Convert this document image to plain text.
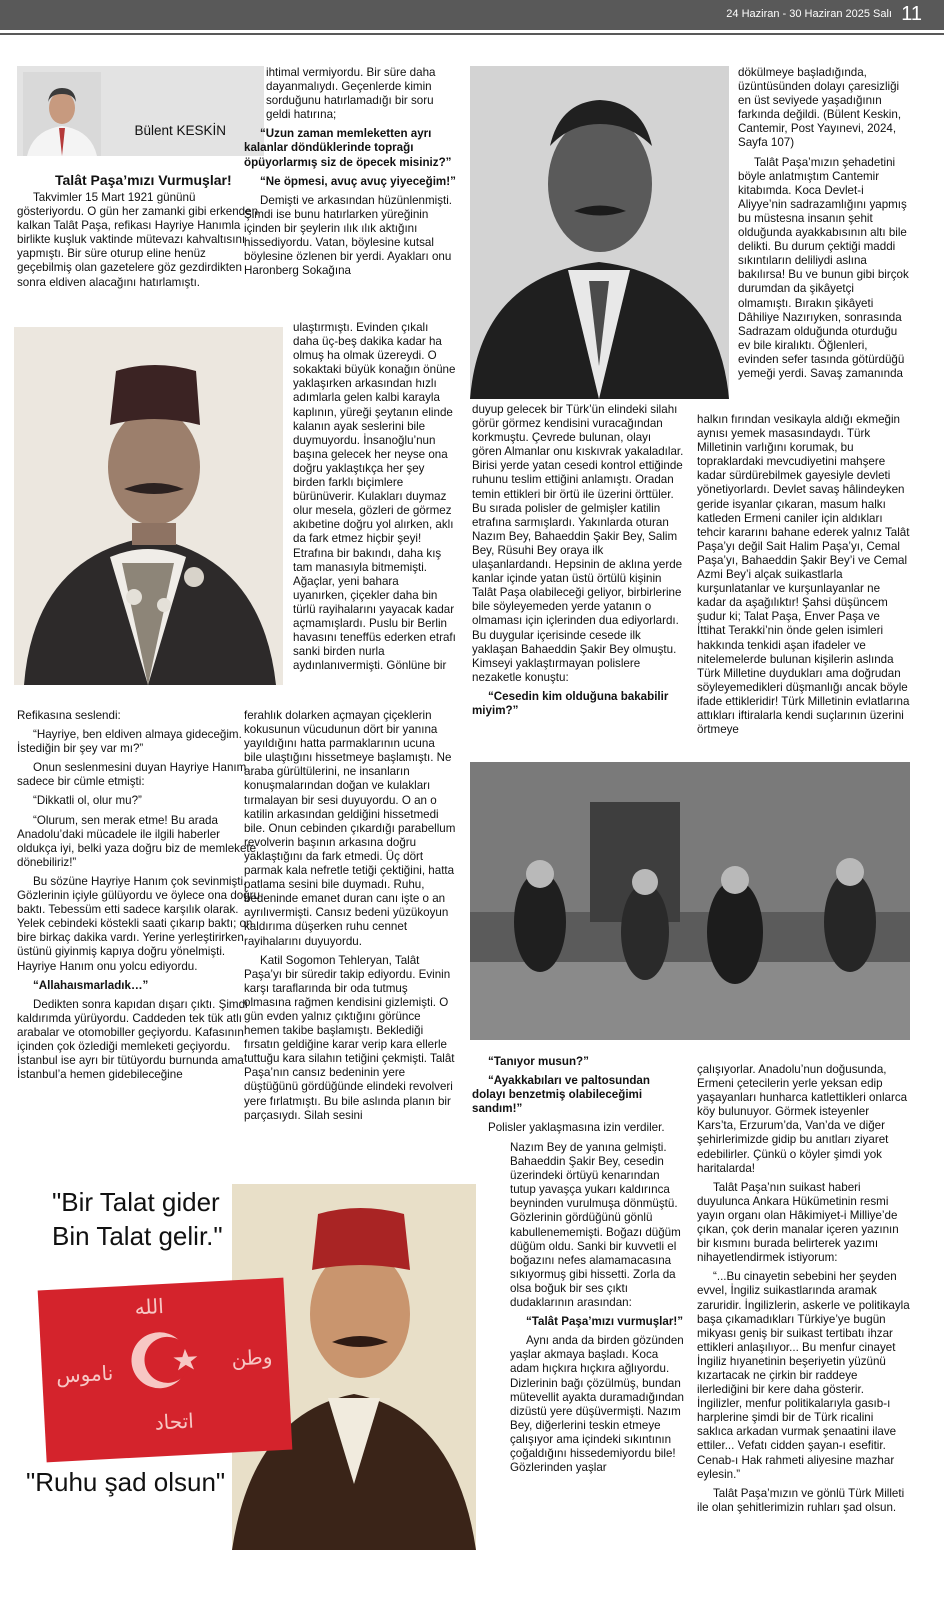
24 Haziran - 30 Haziran 2025 Salı 11
Bülent KESKİN
Talât Paşa’mızı Vurmuşlar!

Takvimler 15 Mart 1921 gününü gösteriyordu. O gün her zamanki gibi erkenden kalkan Talât Paşa, refikası Hayriye Hanımla birlikte kuşluk vaktinde mütevazı kahvaltısını yapmıştı. Bir süre oturup eline henüz geçebilmiş olan gazetelere göz gezdirdikten sonra eldiven alacağını hatırlamıştı.

Refikasına seslendi:

“Hayriye, ben eldiven almaya gideceğim. İstediğin bir şey var mı?”

Onun seslenmesini duyan Hayriye Hanım sadece bir cümle etmişti:

“Dikkatli ol, olur mu?”

“Olurum, sen merak etme! Bu arada Anadolu’daki mücadele ile ilgili haberler oldukça iyi, belki yaza doğru biz de memlekete dönebiliriz!”

Bu sözüne Hayriye Hanım çok sevinmişti. Gözlerinin içiyle gülüyordu ve öylece ona doğru baktı. Tebessüm etti sadece karşılık olarak. Yelek cebindeki köstekli saati çıkarıp baktı; on bire birkaç dakika vardı. Yerine yerleştirirken üstünü giyinmiş kapıya doğru yönelmişti. Hayriye Hanım onu yolcu ediyordu.

“Allahaısmarladık…”

Dedikten sonra kapıdan dışarı çıktı. Şimdi kaldırımda yürüyordu. Caddeden tek tük atlı arabalar ve otomobiller geçiyordu. Kafasının içinden çok özlediği memleketi geçiyordu. İstanbul ise ayrı bir tütüyordu burnunda ama İstanbul’a hemen gidebileceğine

ihtimal vermiyordu. Bir süre daha dayanmalıydı. Geçenlerde kimin sorduğunu hatırlamadığı bir soru geldi hatırına;

“Uzun zaman memleketten ayrı kalanlar döndüklerinde toprağı öpüyorlarmış siz de öpecek misiniz?”

“Ne öpmesi, avuç avuç yiyeceğim!”

Demişti ve arkasından hüzünlenmişti. Şimdi ise bunu hatırlarken yüreğinin içinden bir şeylerin ılık ılık aktığını hissediyordu. Vatan, böylesine kutsal böylesine özlenen bir yerdi. Ayakları onu Haronberg Sokağına

ulaştırmıştı. Evinden çıkalı daha üç-beş dakika kadar ha olmuş ha olmak üzereydi. O sokaktaki büyük konağın önüne yaklaşırken arkasından hızlı adımlarla gelen kalbi karayla kaplının, yüreği şeytanın elinde kalanın ayak seslerini bile duymuyordu. İnsanoğlu’nun başına gelecek her neyse ona doğru yaklaştıkça her şey birden farklı biçimlere bürünüverir. Kulakları duymaz olur mesela, gözleri de görmez akıbetine doğru yol alırken, aklı da fark etmez hiçbir şeyi! Etrafına bir bakındı, daha kış tam manasıyla bitmemişti. Ağaçlar, yeni bahara uyanırken, çiçekler daha bin türlü rayihalarını yayacak kadar açmamışlardı. Puslu bir Berlin havasını teneffüs ederken etrafı sanki birden nurla aydınlanıvermişti. Gönlüne bir

ferahlık dolarken açmayan çiçeklerin kokusunun vücudunun dört bir yanına yayıldığını hatta parmaklarının ucuna bile ulaştığını hissetmeye başlamıştı. Ne araba gürültülerini, ne insanların konuşmalarından doğan ve kulakları tırmalayan bir sesi duyuyordu. O an o katilin arkasından geldiğini hissetmedi bile. Onun cebinden çıkardığı parabellum revolverin başının arkasına doğru yaklaştığını da fark etmedi. Üç dört parmak kala nefretle tetiği çektiğini, hatta patlama sesini bile duymadı. Ruhu, bedeninde emanet duran canı işte o an ayrılıvermişti. Cansız bedeni yüzükoyun kaldırıma düşerken ruhu cennet rayihalarını duyuyordu.

Katil Sogomon Tehleryan, Talât Paşa’yı bir süredir takip ediyordu. Evinin karşı taraflarında bir oda tutmuş olmasına rağmen kendisini gizlemişti. O gün evden yalnız çıktığını görünce hemen takibe başlamıştı. Beklediği fırsatın geldiğine karar verip kara ellerle tuttuğu kara silahın tetiğini çekmişti. Talât Paşa’nın cansız bedeninin yere düştüğünü gördüğünde elindeki revolveri yere fırlatmıştı. Bu bile aslında planın bir parçasıydı. Silah sesini

duyup gelecek bir Türk’ün elindeki silahı görür görmez kendisini vuracağından korkmuştu. Çevrede bulunan, olayı gören Almanlar onu kıskıvrak yakaladılar. Birisi yerde yatan cesedi kontrol ettiğinde ruhunu teslim ettiğini anlamıştı. Oradan temin ettikleri bir örtü ile üzerini örttüler. Bu sırada polisler de gelmişler katilin etrafına sarmışlardı. Yakınlarda oturan Nazım Bey, Bahaeddin Şakir Bey, Salim Bey, Rüsuhi Bey oraya ilk ulaşanlardandı. Hepsinin de aklına yerde kanlar içinde yatan üstü örtülü kişinin Talât Paşa olabileceği geliyor, birbirlerine bile söyleyemeden yerde yatanın o olmaması için içlerinden dua ediyorlardı. Bu duygular içerisinde cesede ilk yaklaşan Bahaeddin Şakir Bey olmuştu. Kimseyi yaklaştırmayan polislere nezaketle konuştu:

“Cesedin kim olduğuna bakabilir miyim?”

dökülmeye başladığında, üzüntüsünden dolayı çaresizliği en üst seviyede yaşadığının farkında değildi. (Bülent Keskin, Cantemir, Post Yayınevi, 2024, Sayfa 107)

Talât Paşa’mızın şehadetini böyle anlatmıştım Cantemir kitabımda. Koca Devlet-i Aliyye’nin sadrazamlığını yapmış bu müstesna insanın şehit olduğunda ayakkabısının altı bile delikti. Bu durum çektiği maddi sıkıntıların deliliydi aslına bakılırsa! Bu ve bunun gibi birçok durumdan da şikâyetçi olmamıştı. Bırakın şikâyeti Dâhiliye Nazırıyken, sonrasında Sadrazam olduğunda oturduğu ev bile kiralıktı. Öğlenleri, evinden sefer tasında götürdüğü yemeği yerdi. Savaş zamanında

halkın fırından vesikayla aldığı ekmeğin aynısı yemek masasındaydı. Türk Milletinin varlığını korumak, bu topraklardaki mevcudiyetini mahşere kadar sürdürebilmek gayesiyle devleti yönetiyorlardı. Devlet savaş hâlindeyken geride isyanlar çıkaran, masum halkı katleden Ermeni caniler için aldıkları tehcir kararını bahane ederek yalnız Talât Paşa’yı değil Sait Halim Paşa’yı, Cemal Paşa’yı, Bahaeddin Şakir Bey’i ve Cemal Azmi Bey’i alçak suikastlarla kurşunlatanlar ve kurşunlayanlar ne kadar da aşağılıktır! Şahsi düşüncem şudur ki; Talat Paşa, Enver Paşa ve İttihat Terakki’nin önde gelen isimleri hakkında tenkidi aşan ifadeler ve nitelemelerde bulunan kişilerin aslında Türk Milletine duydukları ama doğrudan söyleyemedikleri düşmanlığı ancak böyle ifade ettikleridir! Türk Milletinin evlatlarına attıkları iftiralarla kendi suçlarının üzerini örtmeye

“Tanıyor musun?”

“Ayakkabıları ve paltosundan dolayı benzetmiş olabileceğimi sandım!”

Polisler yaklaşmasına izin verdiler.

Nazım Bey de yanına gelmişti. Bahaeddin Şakir Bey, cesedin üzerindeki örtüyü kenarından tutup yavaşça yukarı kaldırınca beyninden vurulmuşa dönmüştü. Gözlerinin gördüğünü gönlü kabullenememişti. Boğazı düğüm düğüm oldu. Sanki bir kuvvetli el boğazını nefes alamamacasına sıkıyormuş gibi hissetti. Zorla da olsa boğuk bir ses çıktı dudaklarının arasından:

“Talât Paşa’mızı vurmuşlar!”

Aynı anda da birden gözünden yaşlar akmaya başladı. Koca adam hıçkıra hıçkıra ağlıyordu. Dizlerinin bağı çözülmüş, bundan mütevellit ayakta duramadığından dizüstü yere düşüvermişti. Nazım Bey, diğerlerini teskin etmeye çalışıyor ama içindeki sıkıntının çoğaldığını hissedemiyordu bile! Gözlerinden yaşlar

çalışıyorlar. Anadolu’nun doğusunda, Ermeni çetecilerin yerle yeksan edip yaşayanları hunharca katlettikleri onlarca köy bulunuyor. Görmek isteyenler Kars’ta, Erzurum’da, Van’da ve diğer şehirlerimizde gidip bu anıtları ziyaret edebilirler. Çünkü o köyler şimdi yok haritalarda!

Talât Paşa’nın suikast haberi duyulunca Ankara Hükümetinin resmi yayın organı olan Hâkimiyet-i Milliye’de çıkan, çok derin manalar içeren yazının bir kısmını burada belirterek yazımı nihayetlendirmek istiyorum:

“...Bu cinayetin sebebini her şeyden evvel, İngiliz suikastlarında aramak zaruridir. İngilizlerin, askerle ve politikayla başa çıkamadıkları Türkiye’ye bugün mikyası geniş bir suikast tertibatı ihzar ettikleri anlaşılıyor... Bu menfur cinayet İngiliz hıyanetinin beşeriyetin yüzünü kızartacak ne çirkin bir raddeye ilerlediğini bir kere daha gösterir. İngilizler, menfur politikalarıyla gasıb-ı harplerine şimdi bir de Türk ricalini saklıca arkadan vurmak şenaatini ilave ettiler... Vefatı cidden şayan-ı esefitir. Cenab-ı Hak rahmeti aliyesine mazhar eylesin.”

Talât Paşa’mızın ve gönlü Türk Milleti ile olan şehitlerimizin ruhları şad olsun.

الله
وطن
ناموس
اتحاد
"Bir Talat gider
Bin Talat gelir."
"Ruhu şad olsun"
